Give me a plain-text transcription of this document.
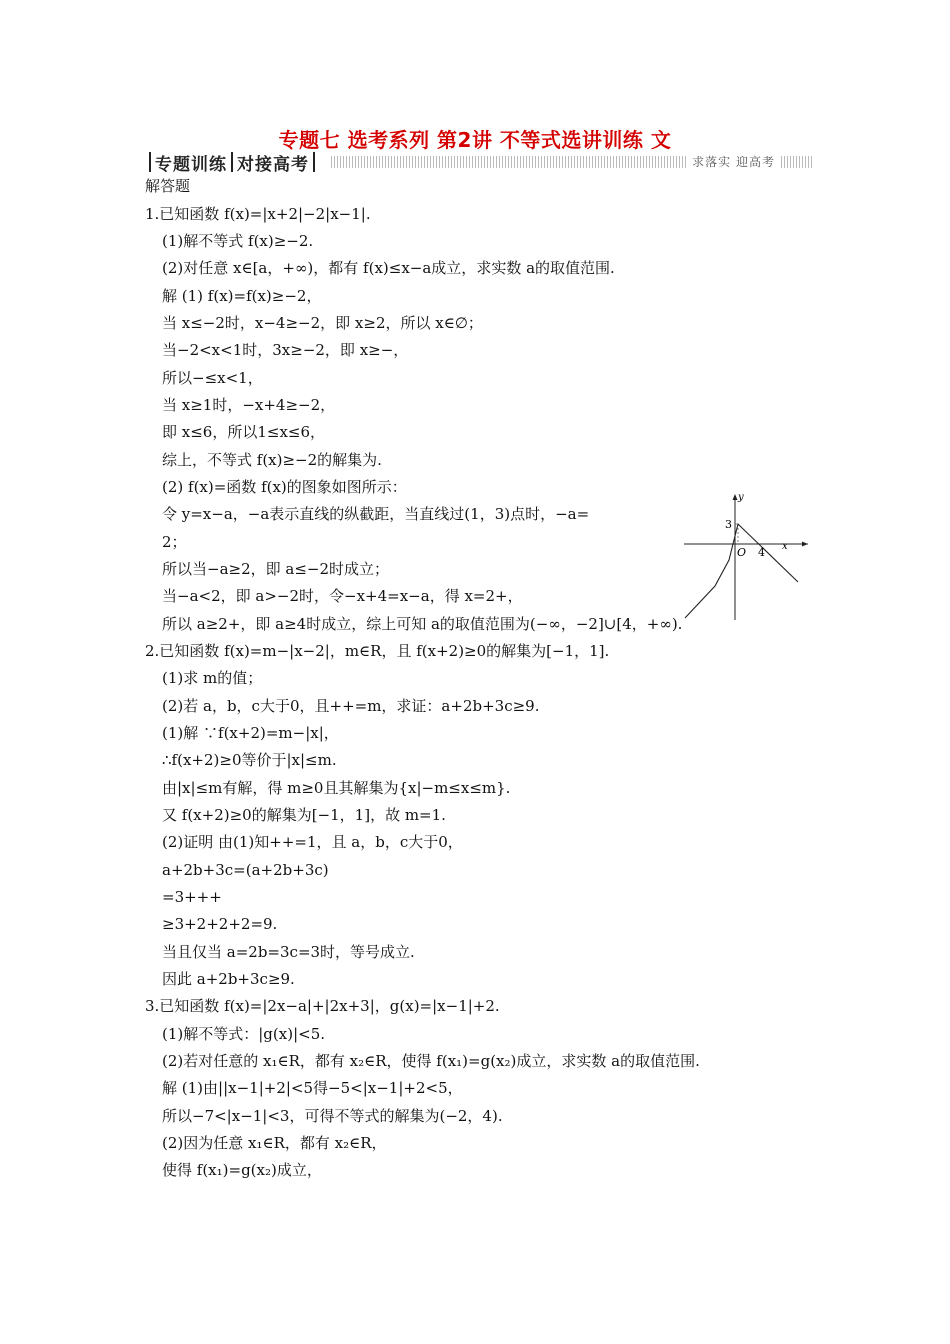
专题七 选考系列 第2讲 不等式选讲训练 文
专题训练 对接高考	求落实 迎高考
解答题
1.已知函数 f(x)=|x+2|−2|x−1|.
(1)解不等式 f(x)≥−2.
(2)对任意 x∈[a，+∞)，都有 f(x)≤x−a成立，求实数 a的取值范围.
解 (1) f(x)=f(x)≥−2，
当 x≤−2时，x−4≥−2，即 x≥2，所以 x∈∅；
当−2<x<1时，3x≥−2，即 x≥−，
所以−≤x<1，
当 x≥1时，−x+4≥−2，
即 x≤6，所以1≤x≤6，
综上，不等式 f(x)≥−2的解集为.
(2) f(x)=函数 f(x)的图象如图所示：
令 y=x−a，−a表示直线的纵截距，当直线过(1，3)点时，−a=
2；
所以当−a≥2，即 a≤−2时成立；
当−a<2，即 a>−2时，令−x+4=x−a，得 x=2+，
所以 a≥2+，即 a≥4时成立，综上可知 a的取值范围为(−∞，−2]∪[4，+∞).
2.已知函数 f(x)=m−|x−2|，m∈R，且 f(x+2)≥0的解集为[−1，1].
(1)求 m的值；
(2)若 a，b，c大于0，且++=m，求证：a+2b+3c≥9.
(1)解 ∵f(x+2)=m−|x|，
∴f(x+2)≥0等价于|x|≤m.
由|x|≤m有解，得 m≥0且其解集为{x|−m≤x≤m}.
又 f(x+2)≥0的解集为[−1，1]，故 m=1.
(2)证明 由(1)知++=1，且 a，b，c大于0，
a+2b+3c=(a+2b+3c)
=3+++
≥3+2+2+2=9.
当且仅当 a=2b=3c=3时，等号成立.
因此 a+2b+3c≥9.
3.已知函数 f(x)=|2x−a|+|2x+3|，g(x)=|x−1|+2.
(1)解不等式：|g(x)|<5.
(2)若对任意的 x₁∈R，都有 x₂∈R，使得 f(x₁)=g(x₂)成立，求实数 a的取值范围.
解 (1)由||x−1|+2|<5得−5<|x−1|+2<5，
所以−7<|x−1|<3，可得不等式的解集为(−2，4).
(2)因为任意 x₁∈R，都有 x₂∈R，
使得 f(x₁)=g(x₂)成立，
y
x
3
O 4
